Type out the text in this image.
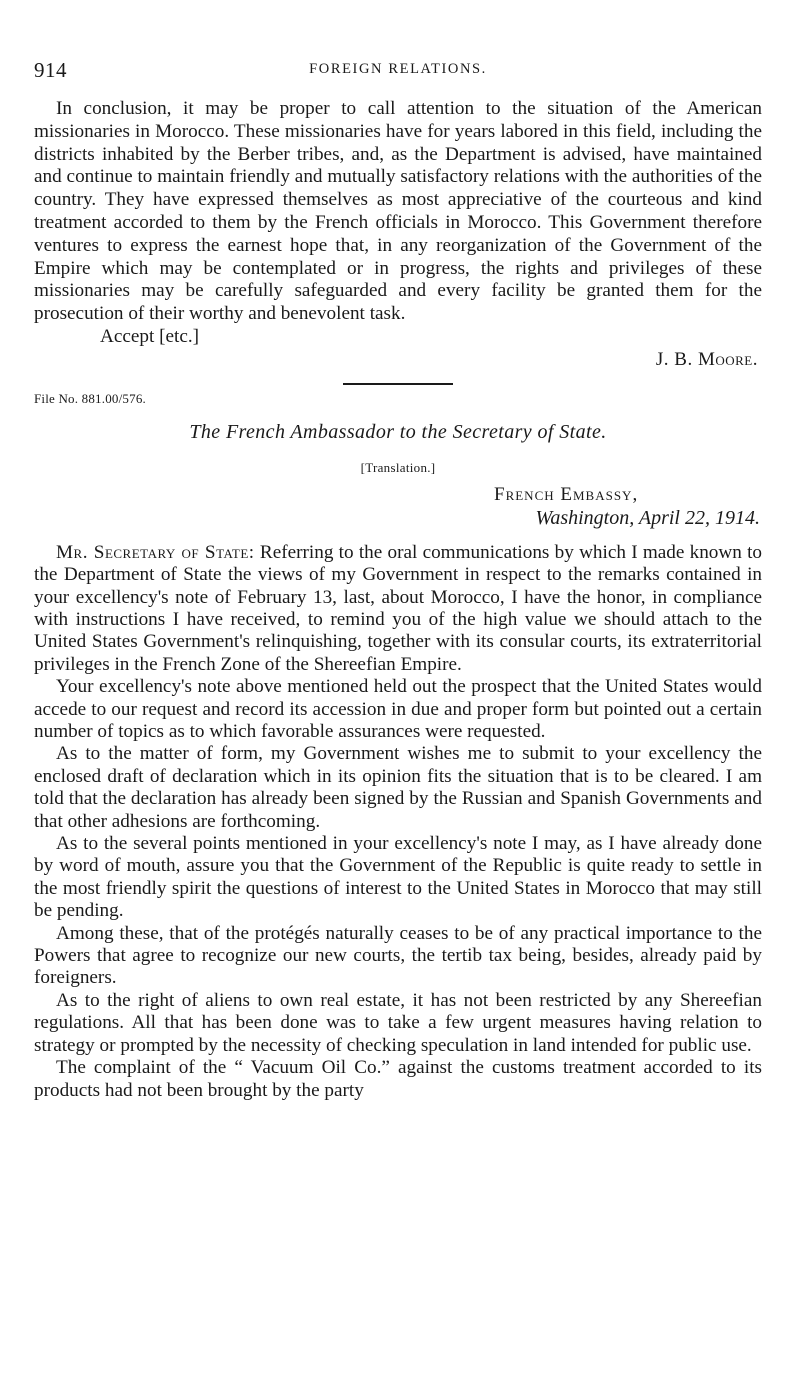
914	FOREIGN RELATIONS.

In conclusion, it may be proper to call attention to the situation of the American missionaries in Morocco. These missionaries have for years labored in this field, including the districts inhabited by the Berber tribes, and, as the Department is advised, have maintained and continue to maintain friendly and mutually satisfactory relations with the authorities of the country. They have expressed themselves as most appreciative of the courteous and kind treatment accorded to them by the French officials in Morocco. This Government therefore ventures to express the earnest hope that, in any reorganization of the Government of the Empire which may be contemplated or in progress, the rights and privileges of these missionaries may be carefully safeguarded and every facility be granted them for the prosecution of their worthy and benevolent task.

Accept [etc.]

J. B. Moore.

File No. 881.00/576.

The French Ambassador to the Secretary of State.

[Translation.]

French Embassy,

Washington, April 22, 1914.

Mr. Secretary of State: Referring to the oral communications by which I made known to the Department of State the views of my Government in respect to the remarks contained in your excellency's note of February 13, last, about Morocco, I have the honor, in compliance with instructions I have received, to remind you of the high value we should attach to the United States Government's relinquishing, together with its consular courts, its extraterritorial privileges in the French Zone of the Shereefian Empire.

Your excellency's note above mentioned held out the prospect that the United States would accede to our request and record its accession in due and proper form but pointed out a certain number of topics as to which favorable assurances were requested.

As to the matter of form, my Government wishes me to submit to your excellency the enclosed draft of declaration which in its opinion fits the situation that is to be cleared. I am told that the declaration has already been signed by the Russian and Spanish Governments and that other adhesions are forthcoming.

As to the several points mentioned in your excellency's note I may, as I have already done by word of mouth, assure you that the Government of the Republic is quite ready to settle in the most friendly spirit the questions of interest to the United States in Morocco that may still be pending.

Among these, that of the protégés naturally ceases to be of any practical importance to the Powers that agree to recognize our new courts, the tertib tax being, besides, already paid by foreigners.

As to the right of aliens to own real estate, it has not been restricted by any Shereefian regulations. All that has been done was to take a few urgent measures having relation to strategy or prompted by the necessity of checking speculation in land intended for public use.

The complaint of the “ Vacuum Oil Co.” against the customs treatment accorded to its products had not been brought by the party
